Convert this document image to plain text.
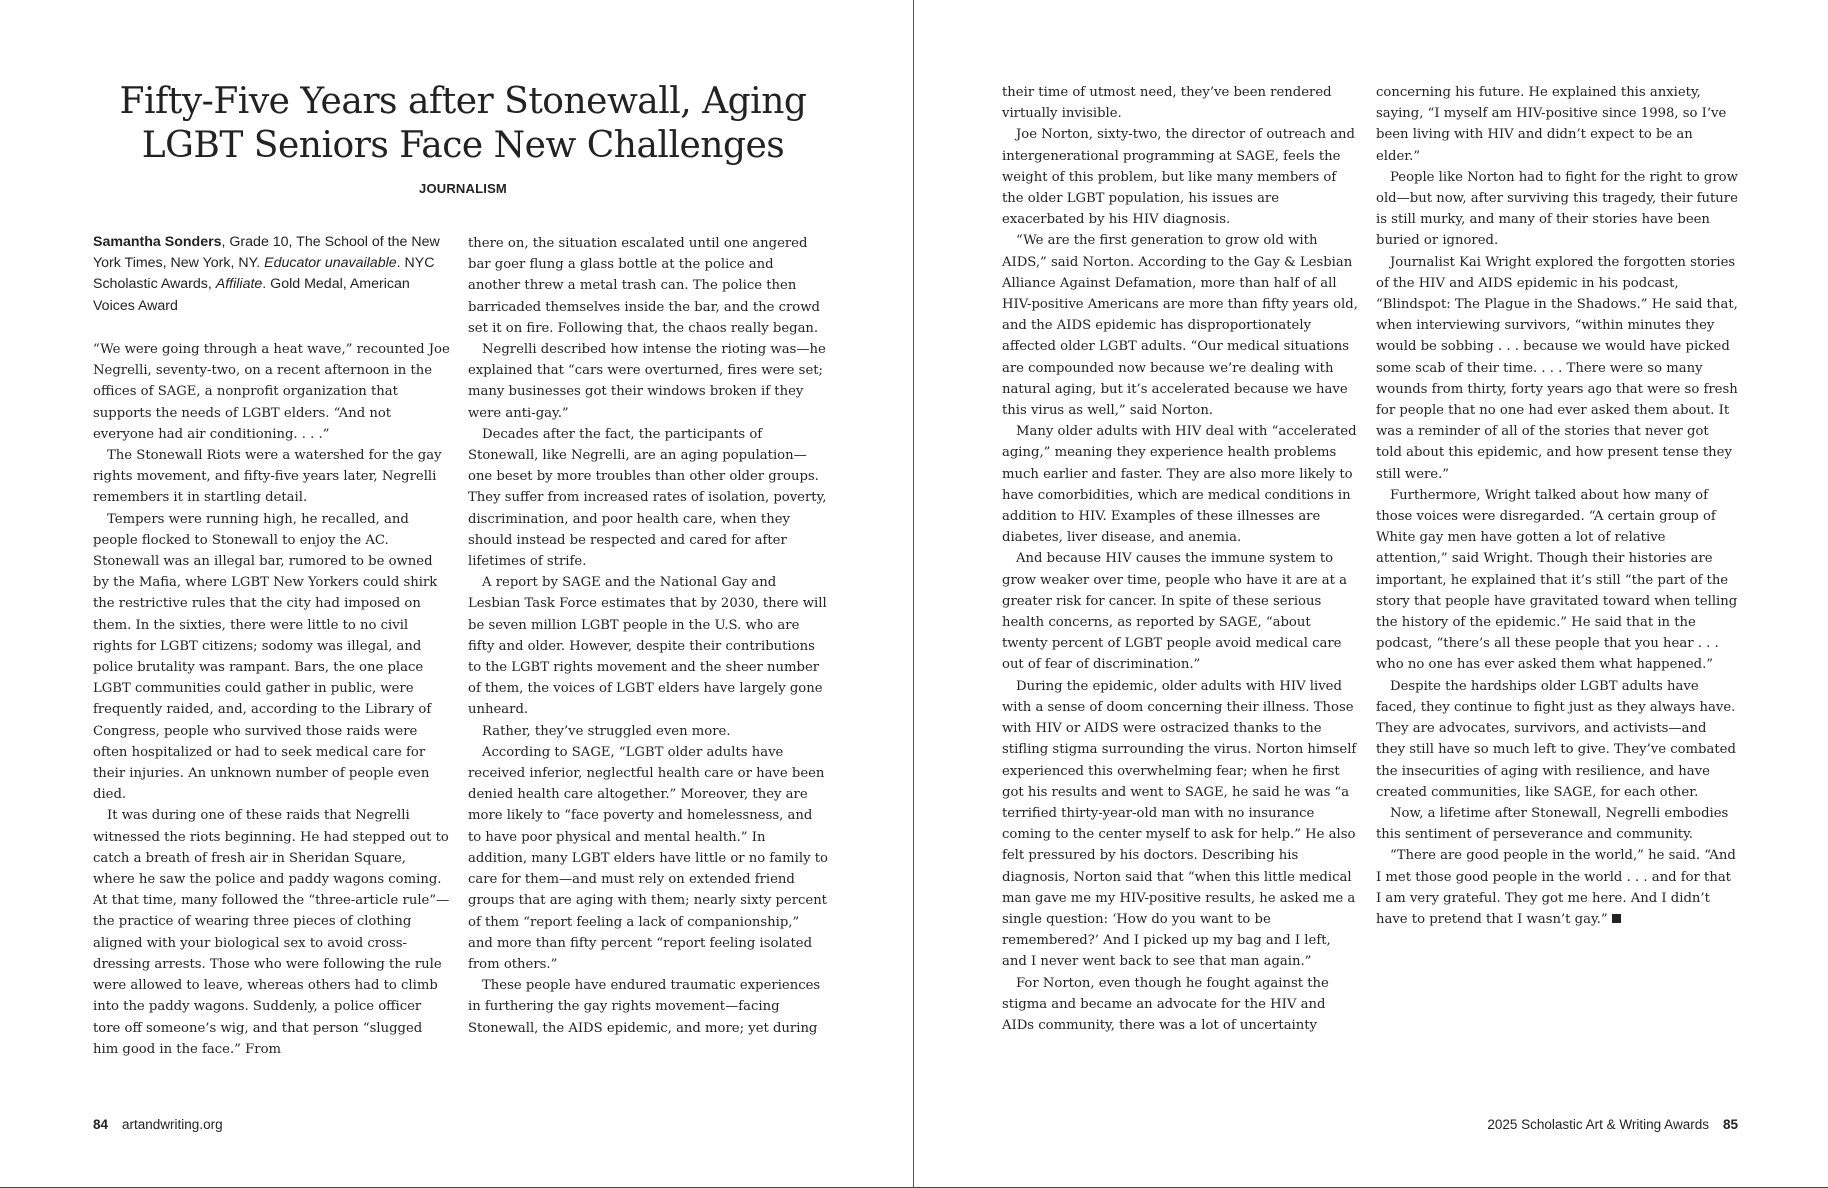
Fifty-Five Years after Stonewall, Aging
LGBT Seniors Face New Challenges
JOURNALISM
Samantha Sonders, Grade 10, The School of the New York Times, New York, NY. Educator unavailable. NYC Scholastic Awards, Affiliate. Gold Medal, American Voices Award

“We were going through a heat wave,” recounted Joe Negrelli, seventy-two, on a recent afternoon in the offices of SAGE, a nonprofit organization that supports the needs of LGBT elders. “And not everyone had air conditioning. . . .”

The Stonewall Riots were a watershed for the gay rights movement, and fifty-five years later, Negrelli remembers it in startling detail.

Tempers were running high, he recalled, and people flocked to Stonewall to enjoy the AC. Stonewall was an illegal bar, rumored to be owned by the Mafia, where LGBT New Yorkers could shirk the restrictive rules that the city had imposed on them. In the sixties, there were little to no civil rights for LGBT citizens; sodomy was illegal, and police brutality was rampant. Bars, the one place LGBT communities could gather in public, were frequently raided, and, according to the Library of Congress, people who survived those raids were often hospitalized or had to seek medical care for their injuries. An unknown number of people even died.

It was during one of these raids that Negrelli witnessed the riots beginning. He had stepped out to catch a breath of fresh air in Sheridan Square, where he saw the police and paddy wagons coming. At that time, many followed the “three-article rule”—the practice of wearing three pieces of clothing aligned with your biological sex to avoid cross-dressing arrests. Those who were following the rule were allowed to leave, whereas others had to climb into the paddy wagons. Suddenly, a police officer tore off someone’s wig, and that person “slugged him good in the face.” From

there on, the situation escalated until one angered bar goer flung a glass bottle at the police and another threw a metal trash can. The police then barricaded themselves inside the bar, and the crowd set it on fire. Following that, the chaos really began.

Negrelli described how intense the rioting was—he explained that “cars were overturned, fires were set; many businesses got their windows broken if they were anti-gay.”

Decades after the fact, the participants of Stonewall, like Negrelli, are an aging population—one beset by more troubles than other older groups. They suffer from increased rates of isolation, poverty, discrimination, and poor health care, when they should instead be respected and cared for after lifetimes of strife.

A report by SAGE and the National Gay and Lesbian Task Force estimates that by 2030, there will be seven million LGBT people in the U.S. who are fifty and older. However, despite their contributions to the LGBT rights movement and the sheer number of them, the voices of LGBT elders have largely gone unheard.

Rather, they’ve struggled even more.

According to SAGE, “LGBT older adults have received inferior, neglectful health care or have been denied health care altogether.” Moreover, they are more likely to “face poverty and homelessness, and to have poor physical and mental health.” In addition, many LGBT elders have little or no family to care for them—and must rely on extended friend groups that are aging with them; nearly sixty percent of them “report feeling a lack of companionship,” and more than fifty percent “report feeling isolated from others.”

These people have endured traumatic experiences in furthering the gay rights movement—facing Stonewall, the AIDS epidemic, and more; yet during

their time of utmost need, they’ve been rendered virtually invisible.

Joe Norton, sixty-two, the director of outreach and intergenerational programming at SAGE, feels the weight of this problem, but like many members of the older LGBT population, his issues are exacerbated by his HIV diagnosis.

“We are the first generation to grow old with AIDS,” said Norton. According to the Gay & Lesbian Alliance Against Defamation, more than half of all HIV-positive Americans are more than fifty years old, and the AIDS epidemic has disproportionately affected older LGBT adults. “Our medical situations are compounded now because we’re dealing with natural aging, but it’s accelerated because we have this virus as well,” said Norton.

Many older adults with HIV deal with “accelerated aging,” meaning they experience health problems much earlier and faster. They are also more likely to have comorbidities, which are medical conditions in addition to HIV. Examples of these illnesses are diabetes, liver disease, and anemia.

And because HIV causes the immune system to grow weaker over time, people who have it are at a greater risk for cancer. In spite of these serious health concerns, as reported by SAGE, “about twenty percent of LGBT people avoid medical care out of fear of discrimination.”

During the epidemic, older adults with HIV lived with a sense of doom concerning their illness. Those with HIV or AIDS were ostracized thanks to the stifling stigma surrounding the virus. Norton himself experienced this overwhelming fear; when he first got his results and went to SAGE, he said he was “a terrified thirty-year-old man with no insurance coming to the center myself to ask for help.” He also felt pressured by his doctors. Describing his diagnosis, Norton said that “when this little medical man gave me my HIV-positive results, he asked me a single question: ‘How do you want to be remembered?’ And I picked up my bag and I left, and I never went back to see that man again.”

For Norton, even though he fought against the stigma and became an advocate for the HIV and AIDs community, there was a lot of uncertainty

concerning his future. He explained this anxiety, saying, “I myself am HIV-positive since 1998, so I’ve been living with HIV and didn’t expect to be an elder.”

People like Norton had to fight for the right to grow old—but now, after surviving this tragedy, their future is still murky, and many of their stories have been buried or ignored.

Journalist Kai Wright explored the forgotten stories of the HIV and AIDS epidemic in his podcast, “Blindspot: The Plague in the Shadows.” He said that, when interviewing survivors, “within minutes they would be sobbing . . . because we would have picked some scab of their time. . . . There were so many wounds from thirty, forty years ago that were so fresh for people that no one had ever asked them about. It was a reminder of all of the stories that never got told about this epidemic, and how present tense they still were.”

Furthermore, Wright talked about how many of those voices were disregarded. “A certain group of White gay men have gotten a lot of relative attention,” said Wright. Though their histories are important, he explained that it’s still “the part of the story that people have gravitated toward when telling the history of the epidemic.” He said that in the podcast, “there’s all these people that you hear . . . who no one has ever asked them what happened.”

Despite the hardships older LGBT adults have faced, they continue to fight just as they always have. They are advocates, survivors, and activists—and they still have so much left to give. They’ve combated the insecurities of aging with resilience, and have created communities, like SAGE, for each other.

Now, a lifetime after Stonewall, Negrelli embodies this sentiment of perseverance and community.

“There are good people in the world,” he said. “And I met those good people in the world . . . and for that I am very grateful. They got me here. And I didn’t have to pretend that I wasn’t gay.”

84 artandwriting.org	2025 Scholastic Art & Writing Awards 85
